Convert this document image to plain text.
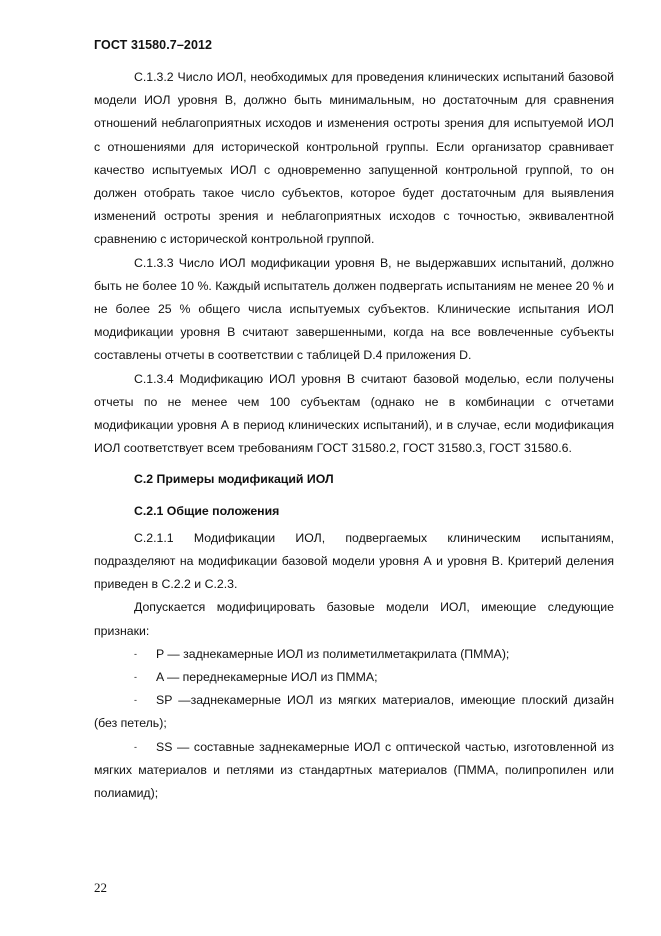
ГОСТ 31580.7–2012

С.1.3.2 Число ИОЛ, необходимых для проведения клинических испытаний базовой модели ИОЛ уровня В, должно быть минимальным, но достаточным для сравнения отношений неблагоприятных исходов и изменения остроты зрения для испытуемой ИОЛ с отношениями для исторической контрольной группы. Если организатор сравнивает качество испытуемых ИОЛ с одновременно запущенной контрольной группой, то он должен отобрать такое число субъектов, которое будет достаточным для выявления изменений остроты зрения и неблагоприятных исходов с точностью, эквивалентной сравнению с исторической контрольной группой.

С.1.3.3 Число ИОЛ модификации уровня В, не выдержавших испытаний, должно быть не более 10 %. Каждый испытатель должен подвергать испытаниям не менее 20 % и не более 25 % общего числа испытуемых субъектов. Клинические испытания ИОЛ модификации уровня В считают завершенными, когда на все вовлеченные субъекты составлены отчеты в соответствии с таблицей D.4 приложения D.

С.1.3.4 Модификацию ИОЛ уровня В считают базовой моделью, если получены отчеты по не менее чем 100 субъектам (однако не в комбинации с отчетами модификации уровня А в период клинических испытаний), и в случае, если модификация ИОЛ соответствует всем требованиям ГОСТ 31580.2, ГОСТ 31580.3, ГОСТ 31580.6.

С.2 Примеры модификаций ИОЛ

С.2.1 Общие положения

С.2.1.1 Модификации ИОЛ, подвергаемых клиническим испытаниям, подразделяют на модификации базовой модели уровня А и уровня В. Критерий деления приведен в С.2.2 и С.2.3.

Допускается модифицировать базовые модели ИОЛ, имеющие следующие признаки:

- P — заднекамерные ИОЛ из полиметилметакрилата (ПММА);

- A — переднекамерные ИОЛ из ПММА;

- SP —заднекамерные ИОЛ из мягких материалов, имеющие плоский дизайн (без петель);

- SS — составные заднекамерные ИОЛ с оптической частью, изготовленной из мягких материалов и петлями из стандартных материалов (ПММА, полипропилен или полиамид);

22
